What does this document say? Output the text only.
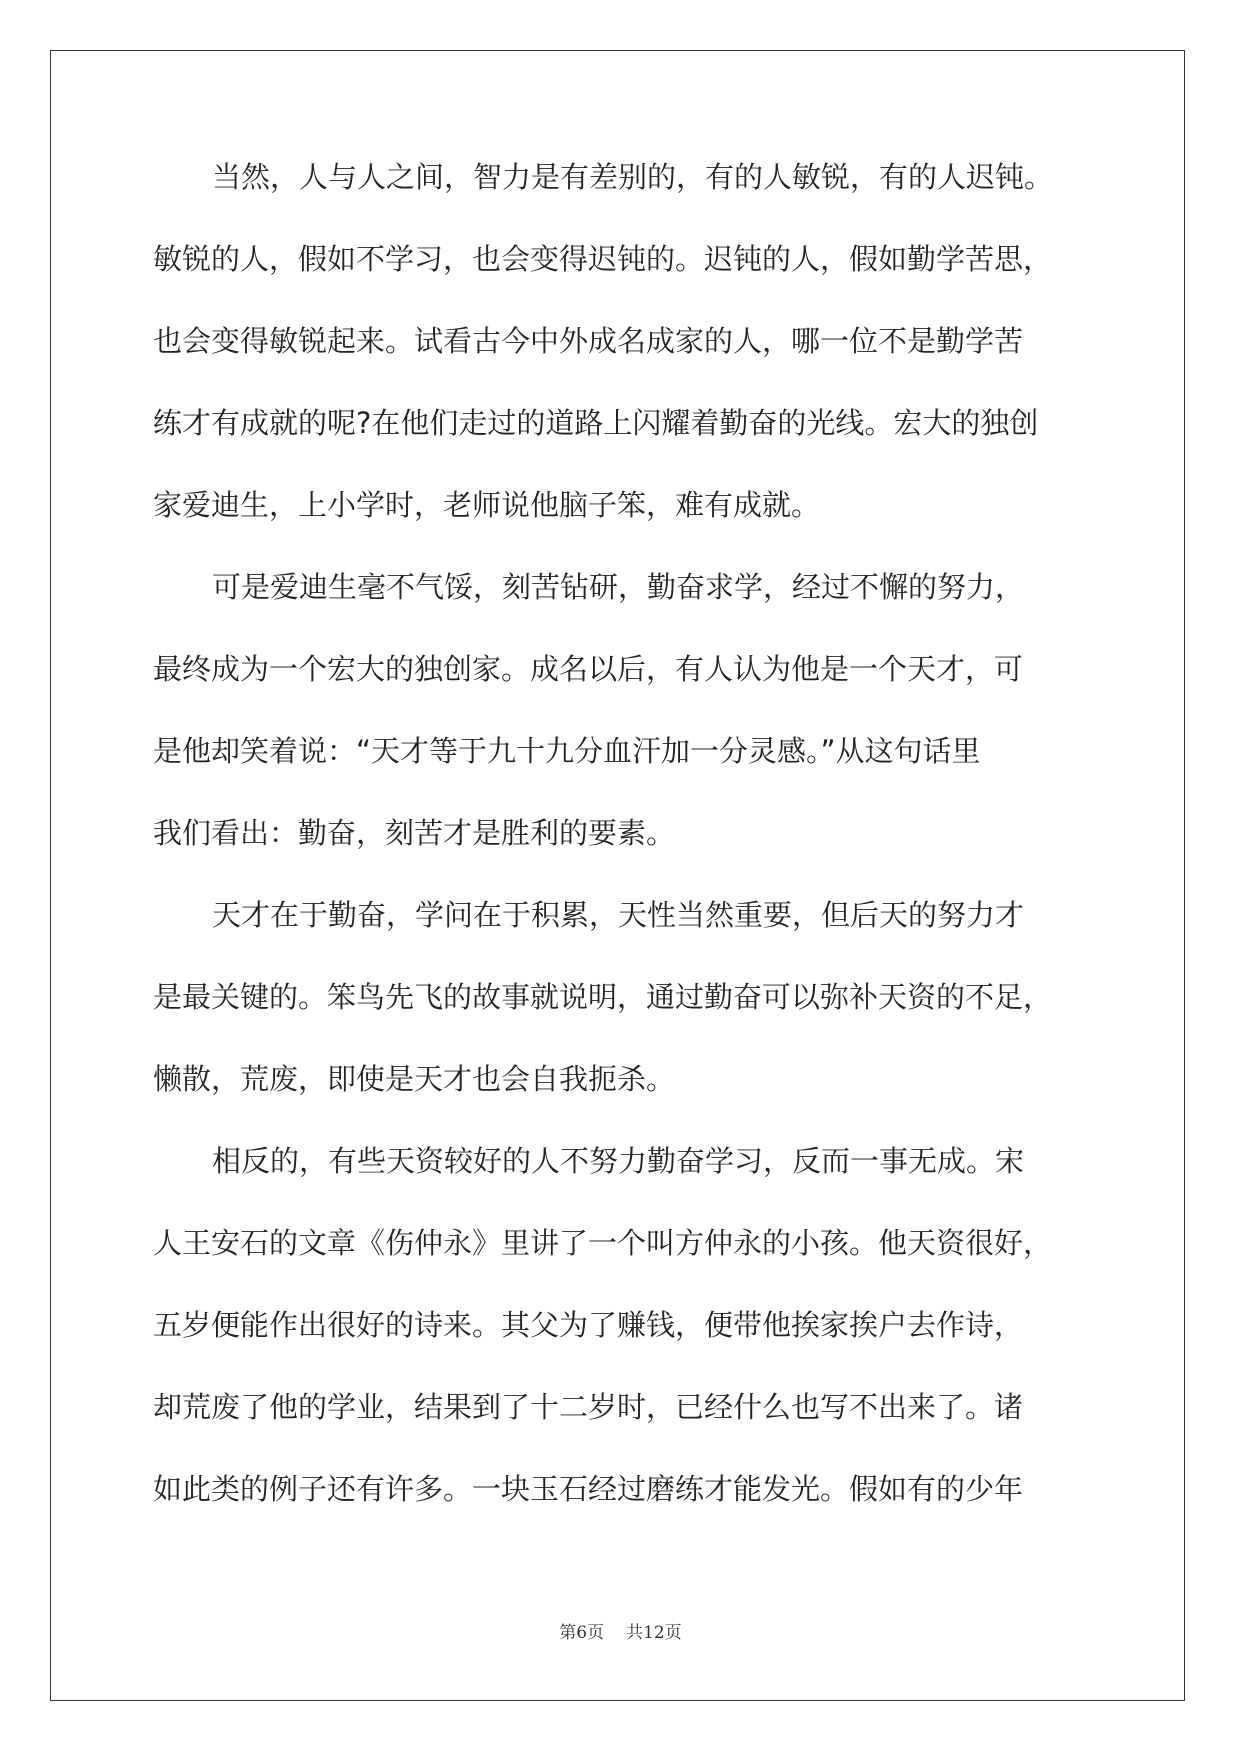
当然，人与人之间，智力是有差别的，有的人敏锐，有的人迟钝。
敏锐的人，假如不学习，也会变得迟钝的。迟钝的人，假如勤学苦思，
也会变得敏锐起来。试看古今中外成名成家的人，哪一位不是勤学苦
练才有成就的呢?在他们走过的道路上闪耀着勤奋的光线。宏大的独创
家爱迪生，上小学时，老师说他脑子笨，难有成就。
可是爱迪生毫不气馁，刻苦钻研，勤奋求学，经过不懈的努力，
最终成为一个宏大的独创家。成名以后，有人认为他是一个天才，可
是他却笑着说：“天才等于九十九分血汗加一分灵感。”从这句话里
我们看出：勤奋，刻苦才是胜利的要素。
天才在于勤奋，学问在于积累，天性当然重要，但后天的努力才
是最关键的。笨鸟先飞的故事就说明，通过勤奋可以弥补天资的不足，
懒散，荒废，即使是天才也会自我扼杀。
相反的，有些天资较好的人不努力勤奋学习，反而一事无成。宋
人王安石的文章《伤仲永》里讲了一个叫方仲永的小孩。他天资很好，
五岁便能作出很好的诗来。其父为了赚钱，便带他挨家挨户去作诗，
却荒废了他的学业，结果到了十二岁时，已经什么也写不出来了。诸
如此类的例子还有许多。一块玉石经过磨练才能发光。假如有的少年
第6页 共12页
